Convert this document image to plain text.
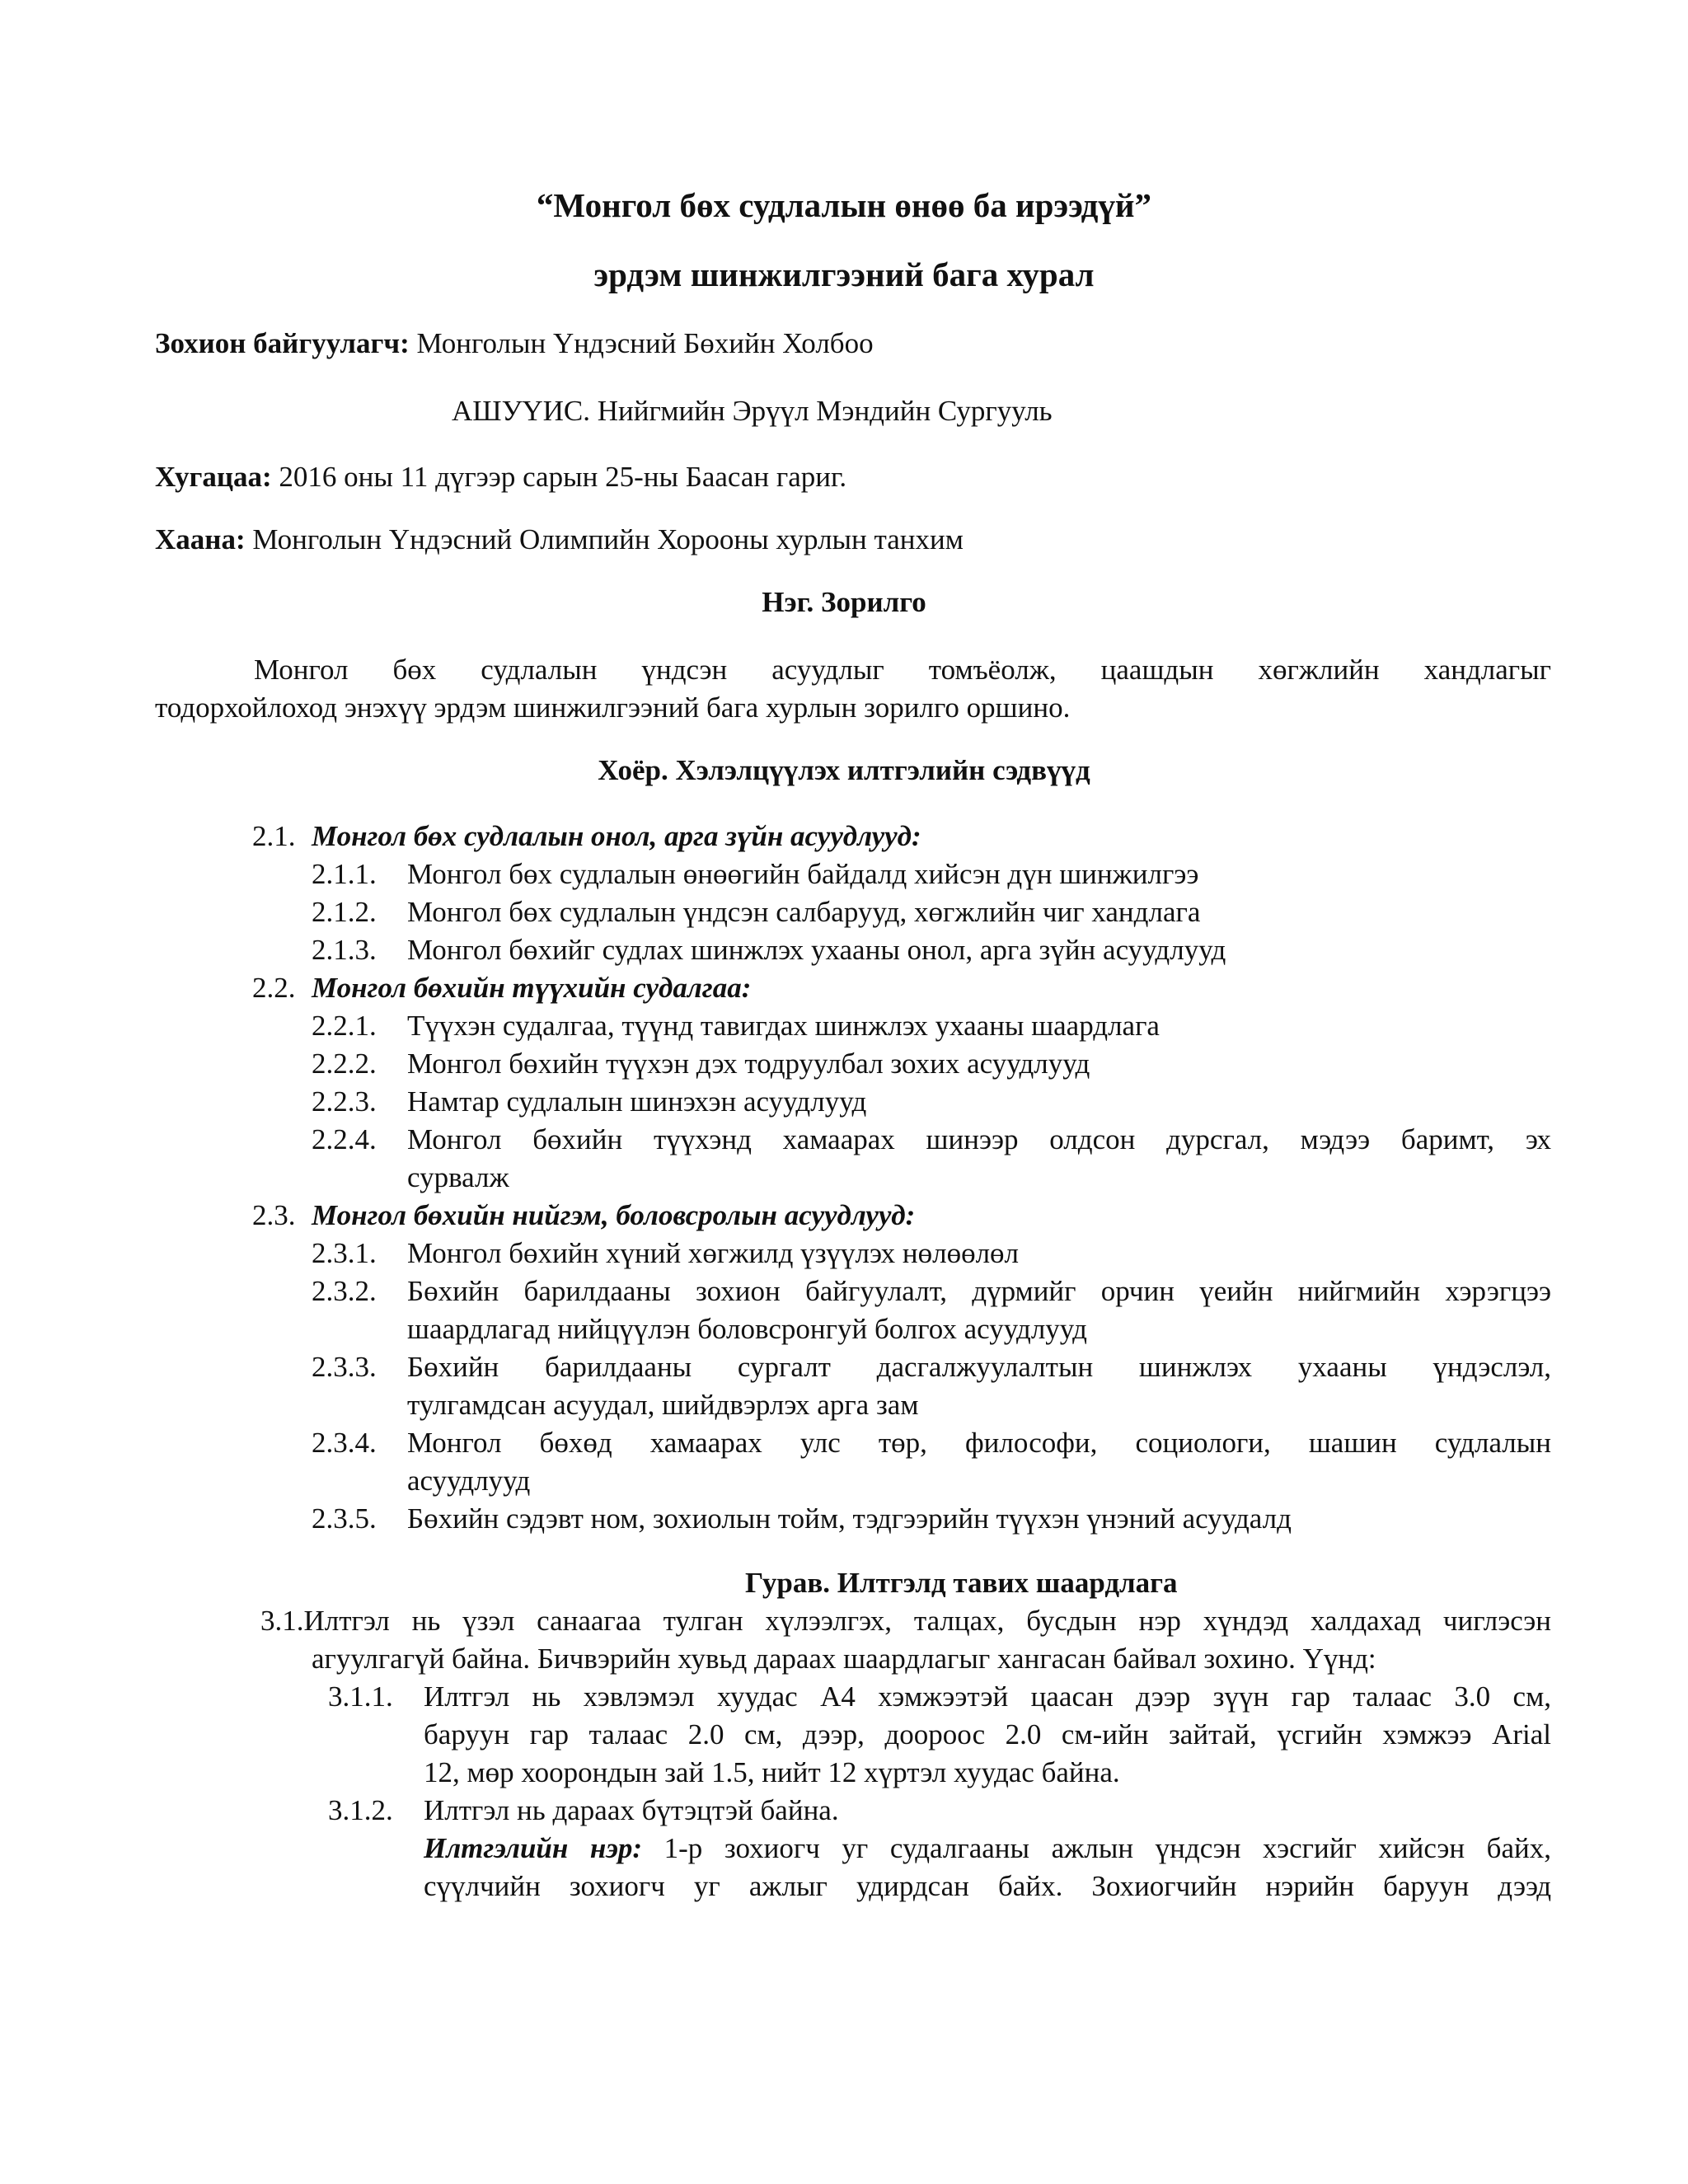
“Монгол бөх судлалын өнөө ба ирээдүй”
эрдэм шинжилгээний бага хурал
Зохион байгуулагч: Монголын Үндэсний Бөхийн Холбоо
АШУҮИС. Нийгмийн Эрүүл Мэндийн Сургууль
Хугацаа: 2016 оны 11 дүгээр сарын 25-ны Баасан гариг.
Хаана: Монголын Үндэсний Олимпийн Хорооны хурлын танхим
Нэг. Зорилго
Монгол бөх судлалын үндсэн асуудлыг томъёолж, цаашдын хөгжлийн хандлагыг
тодорхойлоход энэхүү эрдэм шинжилгээний бага хурлын зорилго оршино.
Хоёр. Хэлэлцүүлэх илтгэлийн сэдвүүд
2.1. Монгол бөх судлалын онол, арга зүйн асуудлууд:
2.1.1. Монгол бөх судлалын өнөөгийн байдалд хийсэн дүн шинжилгээ
2.1.2. Монгол бөх судлалын үндсэн салбарууд, хөгжлийн чиг хандлага
2.1.3. Монгол бөхийг судлах шинжлэх ухааны онол, арга зүйн асуудлууд
2.2. Монгол бөхийн түүхийн судалгаа:
2.2.1. Түүхэн судалгаа, түүнд тавигдах шинжлэх ухааны шаардлага
2.2.2. Монгол бөхийн түүхэн дэх тодруулбал зохих асуудлууд
2.2.3. Намтар судлалын шинэхэн асуудлууд
2.2.4. Монгол бөхийн түүхэнд хамаарах шинээр олдсон дурсгал, мэдээ баримт, эх
сурвалж
2.3. Монгол бөхийн нийгэм, боловсролын асуудлууд:
2.3.1. Монгол бөхийн хүний хөгжилд үзүүлэх нөлөөлөл
2.3.2. Бөхийн барилдааны зохион байгуулалт, дүрмийг орчин үеийн нийгмийн хэрэгцээ
шаардлагад нийцүүлэн боловсронгуй болгох асуудлууд
2.3.3. Бөхийн барилдааны сургалт дасгалжуулалтын шинжлэх ухааны үндэслэл,
тулгамдсан асуудал, шийдвэрлэх арга зам
2.3.4. Монгол бөхөд хамаарах улс төр, философи, социологи, шашин судлалын
асуудлууд
2.3.5. Бөхийн сэдэвт ном, зохиолын тойм, тэдгээрийн түүхэн үнэний асуудалд
Гурав. Илтгэлд тавих шаардлага
3.1.Илтгэл нь үзэл санаагаа тулган хүлээлгэх, талцах, бусдын нэр хүндэд халдахад чиглэсэн
агуулгагүй байна. Бичвэрийн хувьд дараах шаардлагыг хангасан байвал зохино. Үүнд:
3.1.1. Илтгэл нь хэвлэмэл хуудас А4 хэмжээтэй цаасан дээр зүүн гар талаас 3.0 см,
баруун гар талаас 2.0 см, дээр, доороос 2.0 см-ийн зайтай, үсгийн хэмжээ Arial
12, мөр хоорондын зай 1.5, нийт 12 хүртэл хуудас байна.
3.1.2. Илтгэл нь дараах бүтэцтэй байна.
Илтгэлийн нэр: 1-р зохиогч уг судалгааны ажлын үндсэн хэсгийг хийсэн байх,
сүүлчийн зохиогч уг ажлыг удирдсан байх. Зохиогчийн нэрийн баруун дээд
